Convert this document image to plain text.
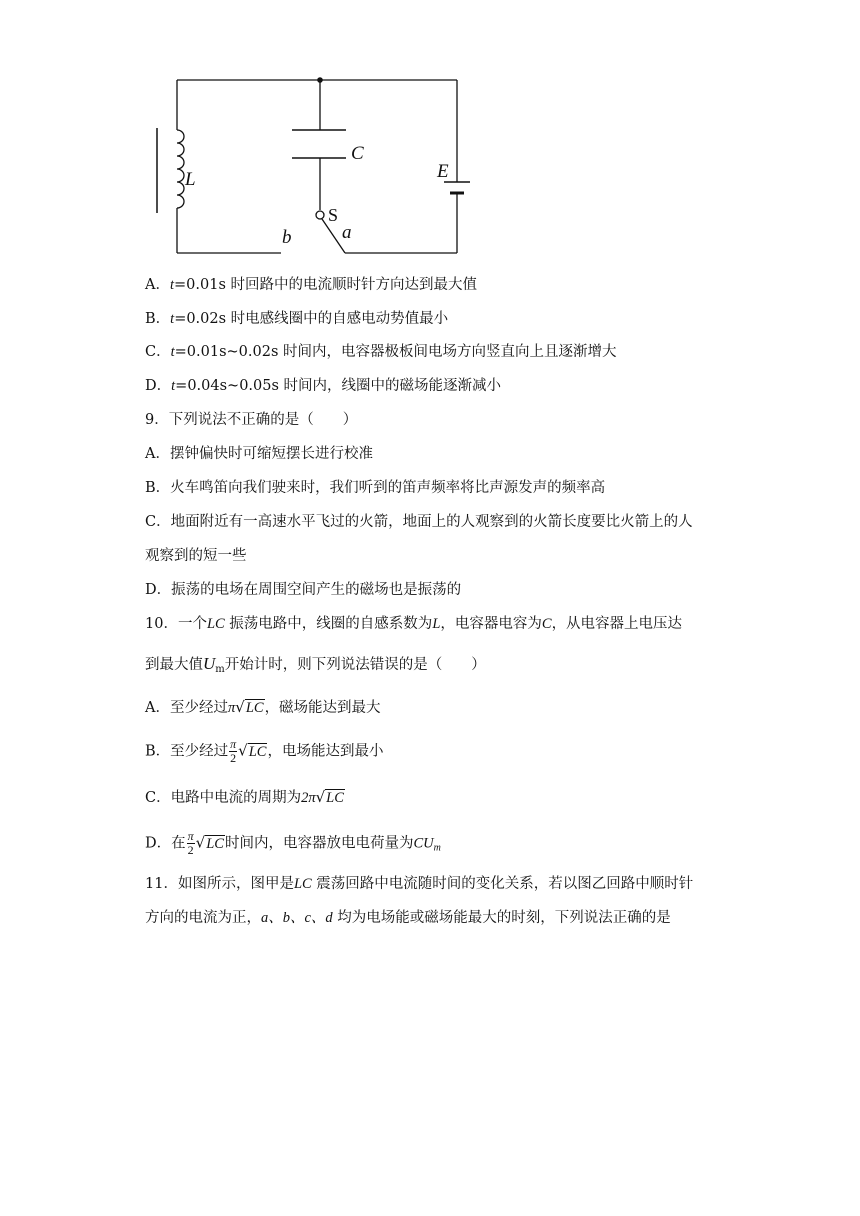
L
C
E
b	a
S
A．t=0.01s 时回路中的电流顺时针方向达到最大值
B．t=0.02s 时电感线圈中的自感电动势值最小
C．t=0.01s~0.02s 时间内，电容器极板间电场方向竖直向上且逐渐增大
D．t=0.04s~0.05s 时间内，线圈中的磁场能逐渐减小
9．下列说法不正确的是（　　）
A．摆钟偏快时可缩短摆长进行校准
B．火车鸣笛向我们驶来时，我们听到的笛声频率将比声源发声的频率高
C．地面附近有一高速水平飞过的火箭，地面上的人观察到的火箭长度要比火箭上的人
观察到的短一些
D．振荡的电场在周围空间产生的磁场也是振荡的
10．一个LC 振荡电路中，线圈的自感系数为L，电容器电容为C，从电容器上电压达
到最大值$U_m$开始计时，则下列说法错误的是（　　）
A．至少经过π√LC，磁场能达到最大
B．至少经过 $\frac{\pi}{2} √LC$，电场能达到最小
C．电路中电流的周期为2π√LC
D．在 $\frac{\pi}{2} √LC$时间内，电容器放电电荷量为$CU_m$
11．如图所示，图甲是LC 震荡回路中电流随时间的变化关系，若以图乙回路中顺时针
方向的电流为正，a、b、c、d 均为电场能或磁场能最大的时刻，下列说法正确的是
